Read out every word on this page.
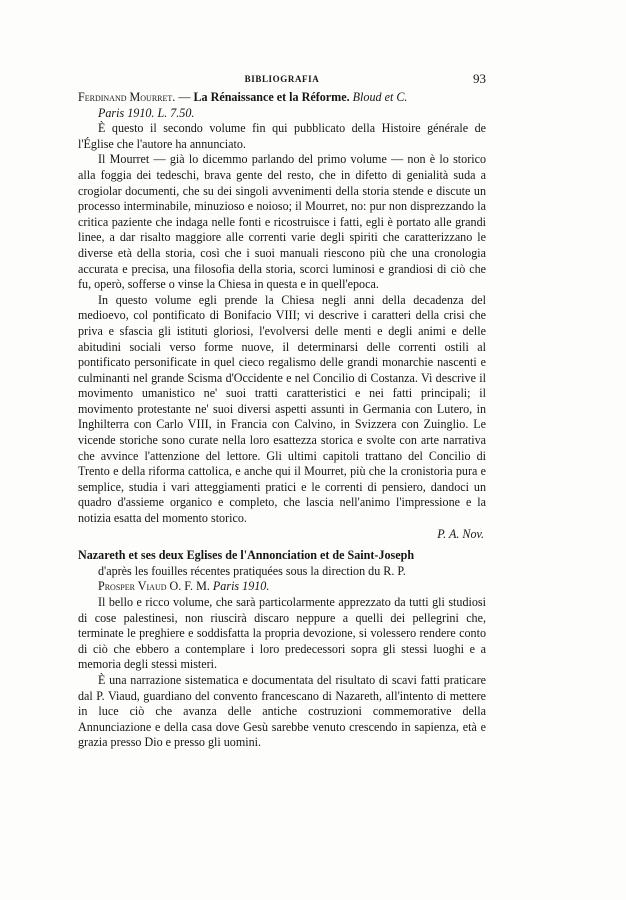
BIBLIOGRAFIA	93

Ferdinand Mourret. — La Rénaissance et la Réforme. Bloud et C.

Paris 1910. L. 7.50.

È questo il secondo volume fin qui pubblicato della Histoire générale de l'Église che l'autore ha annunciato.

Il Mourret — già lo dicemmo parlando del primo volume — non è lo storico alla foggia dei tedeschi, brava gente del resto, che in difetto di genialità suda a crogiolar documenti, che su dei singoli avvenimenti della storia stende e discute un processo interminabile, minuzioso e noioso; il Mourret, no: pur non disprezzando la critica paziente che indaga nelle fonti e ricostruisce i fatti, egli è portato alle grandi linee, a dar risalto maggiore alle correnti varie degli spiriti che caratterizzano le diverse età della storia, così che i suoi manuali riescono più che una cronologia accurata e precisa, una filosofia della storia, scorci luminosi e grandiosi di ciò che fu, operò, sofferse o vinse la Chiesa in questa e in quell'epoca.

In questo volume egli prende la Chiesa negli anni della decadenza del medioevo, col pontificato di Bonifacio VIII; vi descrive i caratteri della crisi che priva e sfascia gli istituti gloriosi, l'evolversi delle menti e degli animi e delle abitudini sociali verso forme nuove, il determinarsi delle correnti ostili al pontificato personificate in quel cieco regalismo delle grandi monarchie nascenti e culminanti nel grande Scisma d'Occidente e nel Concilio di Costanza. Vi descrive il movimento umanistico ne' suoi tratti caratteristici e nei fatti principali; il movimento protestante ne' suoi diversi aspetti assunti in Germania con Lutero, in Inghilterra con Carlo VIII, in Francia con Calvino, in Svizzera con Zuinglio. Le vicende storiche sono curate nella loro esattezza storica e svolte con arte narrativa che avvince l'attenzione del lettore. Gli ultimi capitoli trattano del Concilio di Trento e della riforma cattolica, e anche qui il Mourret, più che la cronistoria pura e semplice, studia i vari atteggiamenti pratici e le correnti di pensiero, dandoci un quadro d'assieme organico e completo, che lascia nell'animo l'impressione e la notizia esatta del momento storico.

P. A. Nov.

Nazareth et ses deux Eglises de l'Annonciation et de Saint-Joseph

d'après les fouilles récentes pratiquées sous la direction du R. P.

Prosper Viaud O. F. M. Paris 1910.

Il bello e ricco volume, che sarà particolarmente apprezzato da tutti gli studiosi di cose palestinesi, non riuscirà discaro neppure a quelli dei pellegrini che, terminate le preghiere e soddisfatta la propria devozione, si volessero rendere conto di ciò che ebbero a contemplare i loro predecessori sopra gli stessi luoghi e a memoria degli stessi misteri.

È una narrazione sistematica e documentata del risultato di scavi fatti praticare dal P. Viaud, guardiano del convento francescano di Nazareth, all'intento di mettere in luce ciò che avanza delle antiche costruzioni commemorative della Annunciazione e della casa dove Gesù sarebbe venuto crescendo in sapienza, età e grazia presso Dio e presso gli uomini.
